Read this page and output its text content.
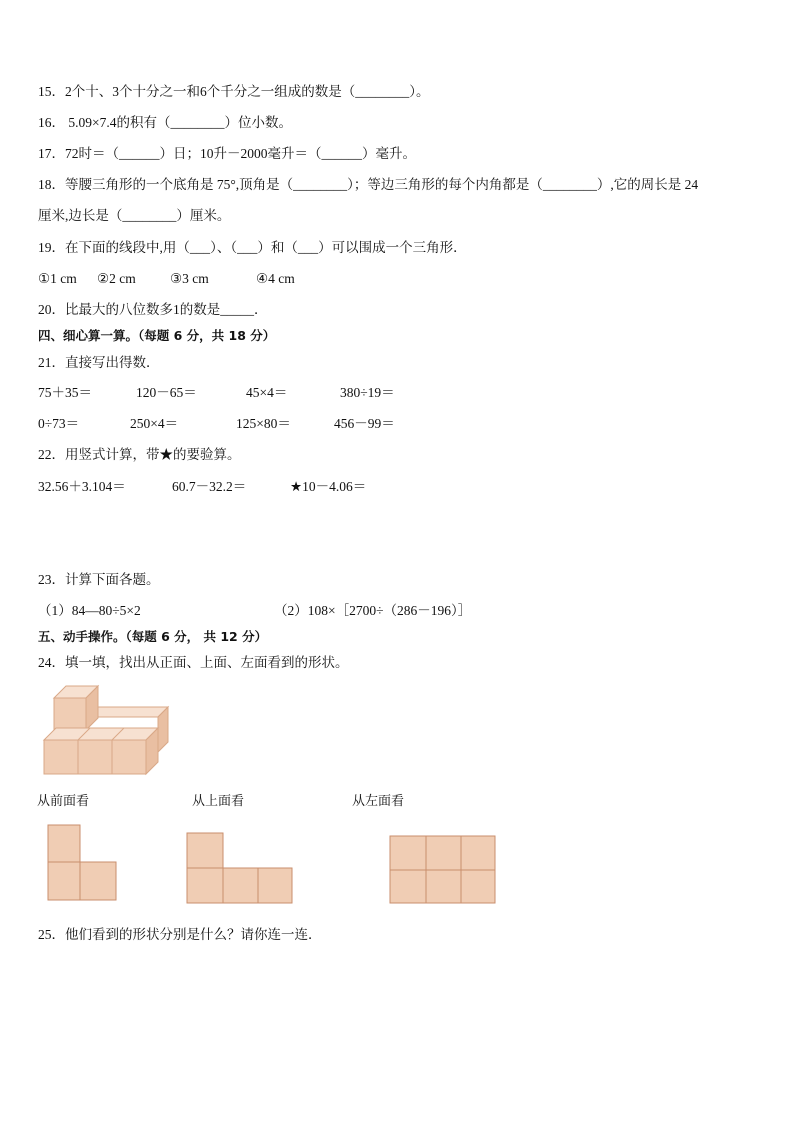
15．2个十、3个十分之一和6个千分之一组成的数是（________）。
16． 5.09×7.4的积有（________）位小数。
17．72时＝（______）日；10升－2000毫升＝（______）毫升。
18．等腰三角形的一个底角是 75°,顶角是（________）；等边三角形的每个内角都是（________）,它的周长是 24
厘米,边长是（________）厘米。
19．在下面的线段中,用（___）、（___）和（___）可以围成一个三角形．
①1 cm ②2 cm	③3 cm	④4 cm
20．比最大的八位数多1的数是_____．
四、细心算一算。（每题 6 分，共 18 分）
21．直接写出得数．
75＋35＝	120－65＝	45×4＝	380÷19＝
0÷73＝	250×4＝	125×80＝	456－99＝
22．用竖式计算，带★的要验算。
32.56＋3.104＝	60.7－32.2＝	★10－4.06＝
23．计算下面各题。
（1）84—80÷5×2	（2）108×［2700÷（286－196）］
五、动手操作。（每题 6 分， 共 12 分）
24．填一填，找出从正面、上面、左面看到的形状。
从前面看	从上面看	从左面看
25．他们看到的形状分别是什么？请你连一连．
